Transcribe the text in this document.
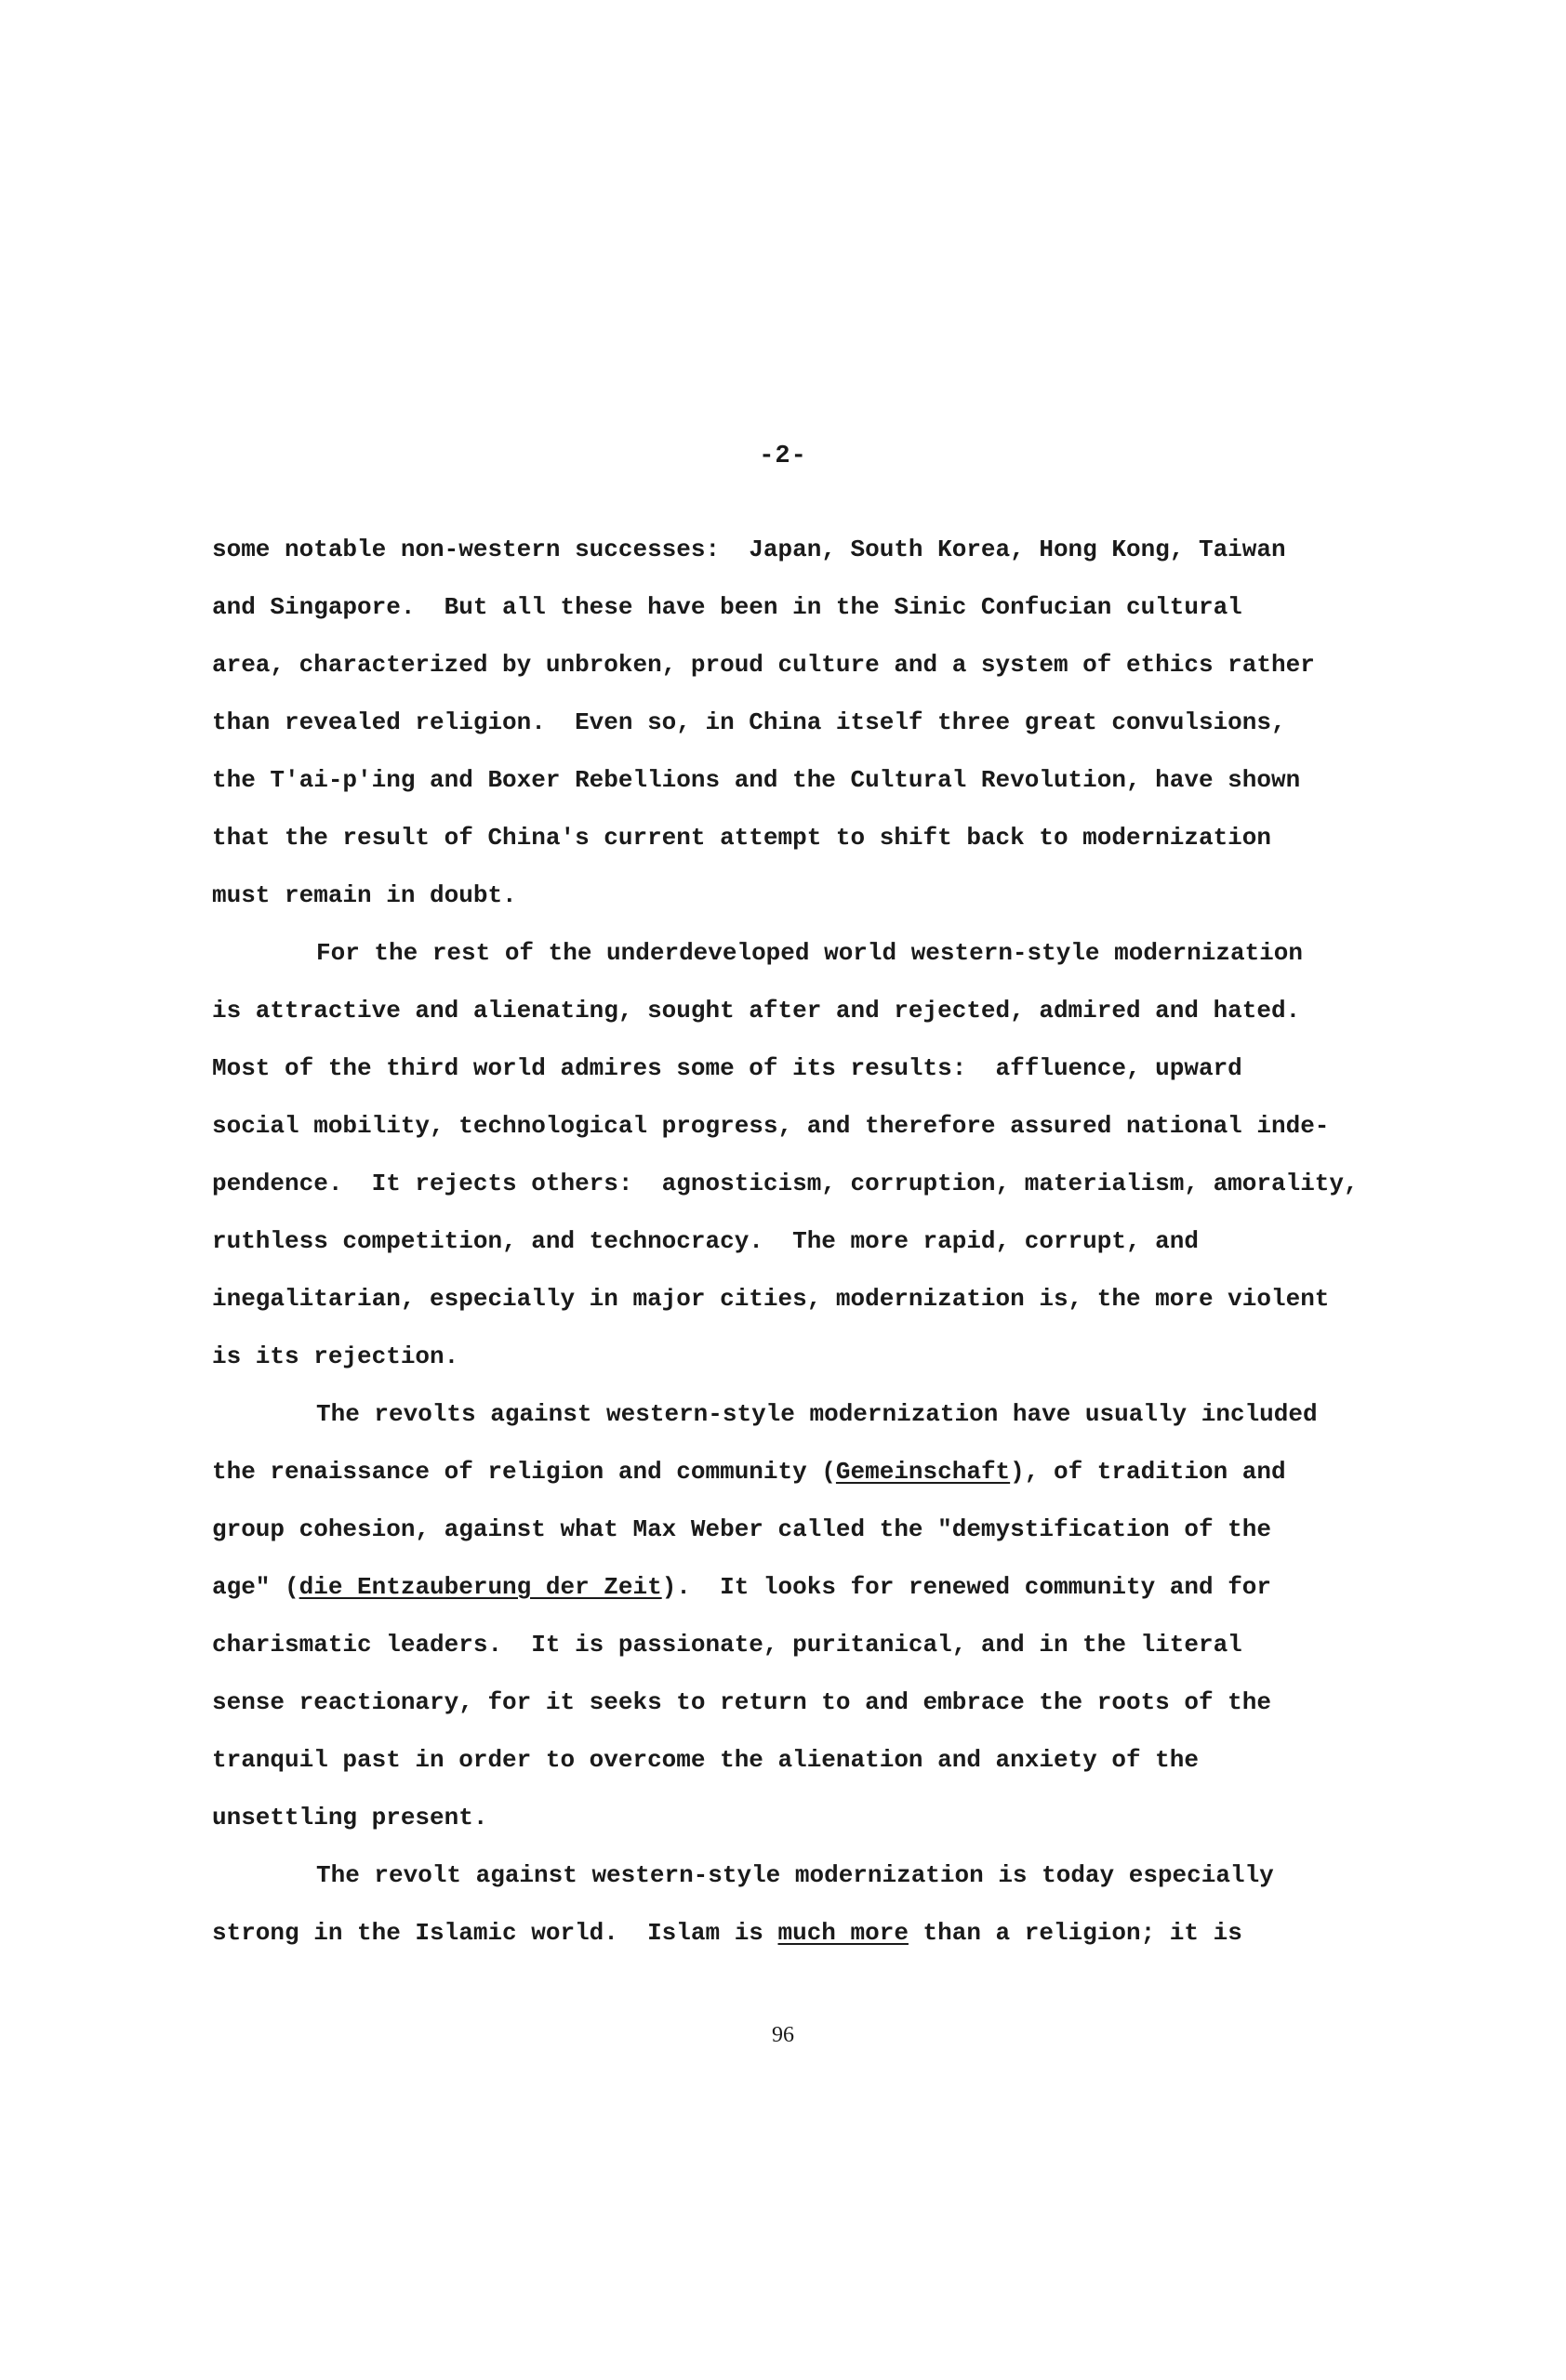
-2-
some notable non-western successes:  Japan, South Korea, Hong Kong, Taiwan
and Singapore.  But all these have been in the Sinic Confucian cultural
area, characterized by unbroken, proud culture and a system of ethics rather
than revealed religion.  Even so, in China itself three great convulsions,
the T'ai-p'ing and Boxer Rebellions and the Cultural Revolution, have shown
that the result of China's current attempt to shift back to modernization
must remain in doubt.
For the rest of the underdeveloped world western-style modernization
is attractive and alienating, sought after and rejected, admired and hated.
Most of the third world admires some of its results:  affluence, upward
social mobility, technological progress, and therefore assured national inde-
pendence.  It rejects others:  agnosticism, corruption, materialism, amorality,
ruthless competition, and technocracy.  The more rapid, corrupt, and
inegalitarian, especially in major cities, modernization is, the more violent
is its rejection.
The revolts against western-style modernization have usually included
the renaissance of religion and community (Gemeinschaft), of tradition and
group cohesion, against what Max Weber called the "demystification of the
age" (die Entzauberung der Zeit).  It looks for renewed community and for
charismatic leaders.  It is passionate, puritanical, and in the literal
sense reactionary, for it seeks to return to and embrace the roots of the
tranquil past in order to overcome the alienation and anxiety of the
unsettling present.
The revolt against western-style modernization is today especially
strong in the Islamic world.  Islam is much more than a religion; it is
96
